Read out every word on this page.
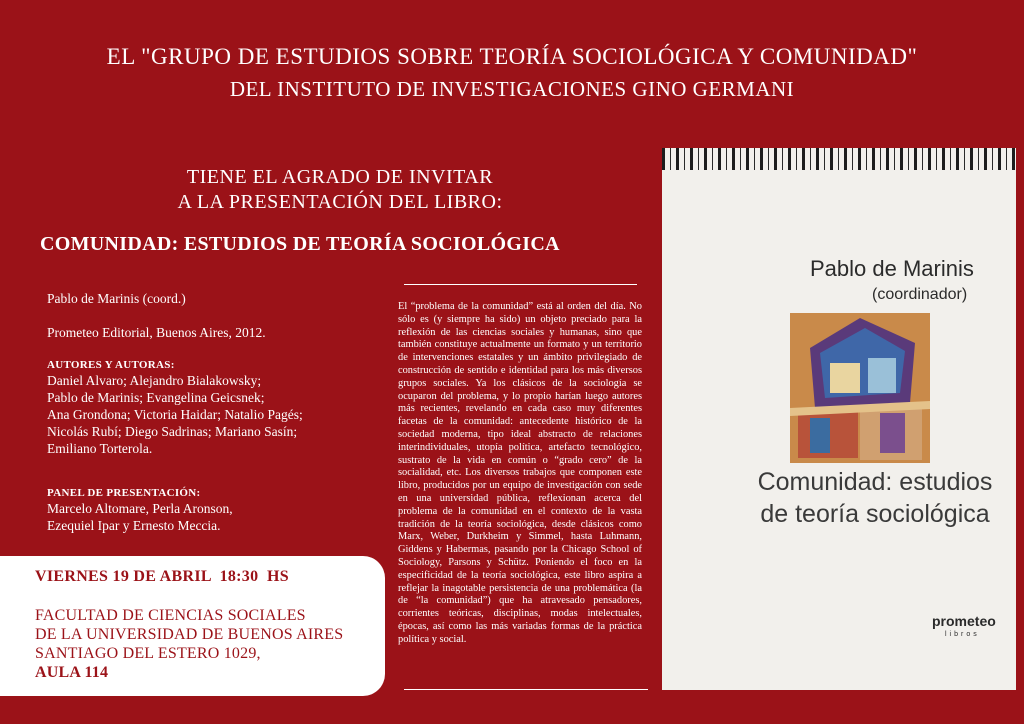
EL "GRUPO DE ESTUDIOS SOBRE TEORÍA SOCIOLÓGICA Y COMUNIDAD"
DEL INSTITUTO DE INVESTIGACIONES GINO GERMANI
TIENE EL AGRADO DE INVITAR
A LA PRESENTACIÓN DEL LIBRO:
COMUNIDAD: ESTUDIOS DE TEORÍA SOCIOLÓGICA
Pablo de Marinis (coord.)
Prometeo Editorial, Buenos Aires, 2012.
AUTORES Y AUTORAS:
Daniel Alvaro; Alejandro Bialakowsky;
Pablo de Marinis; Evangelina Geicsnek;
Ana Grondona; Victoria Haidar; Natalio Pagés;
Nicolás Rubí; Diego Sadrinas; Mariano Sasín;
Emiliano Torterola.
PANEL DE PRESENTACIÓN:
Marcelo Altomare, Perla Aronson,
Ezequiel Ipar y Ernesto Meccia.
VIERNES 19 DE ABRIL  18:30  HS
FACULTAD DE CIENCIAS SOCIALES
DE LA UNIVERSIDAD DE BUENOS AIRES
SANTIAGO DEL ESTERO 1029,
AULA 114
El “problema de la comunidad” está al orden del día. No sólo es (y siempre ha sido) un objeto preciado para la reflexión de las ciencias sociales y humanas, sino que también constituye actualmente un formato y un territorio de intervenciones estatales y un ámbito privilegiado de construcción de sentido e identidad para los más diversos grupos sociales. Ya los clásicos de la sociología se ocuparon del problema, y lo propio harían luego autores más recientes, revelando en cada caso muy diferentes facetas de la comunidad: antecedente histórico de la sociedad moderna, tipo ideal abstracto de relaciones interindividuales, utopía política, artefacto tecnológico, sustrato de la vida en común o “grado cero” de la socialidad, etc. Los diversos trabajos que componen este libro, producidos por un equipo de investigación con sede en una universidad pública, reflexionan acerca del problema de la comunidad en el contexto de la vasta tradición de la teoría sociológica, desde clásicos como Marx, Weber, Durkheim y Simmel, hasta Luhmann, Giddens y Habermas, pasando por la Chicago School of Sociology, Parsons y Schütz. Poniendo el foco en la especificidad de la teoría sociológica, este libro aspira a reflejar la inagotable persistencia de una problemática (la de “la comunidad”) que ha atravesado pensadores, corrientes teóricas, disciplinas, modas intelectuales, épocas, así como las más variadas formas de la práctica política y social.
Pablo de Marinis
(coordinador)
Comunidad: estudios
de teoría sociológica
prometeo
libros
